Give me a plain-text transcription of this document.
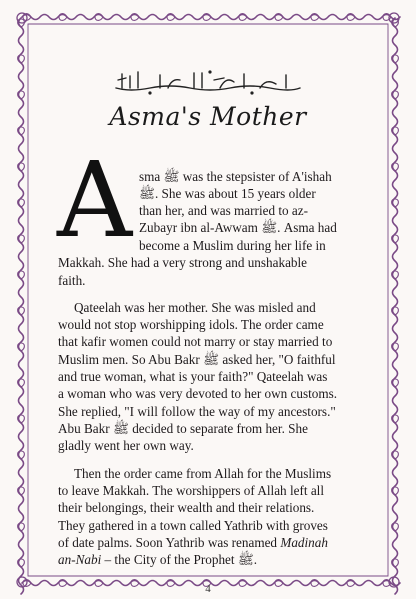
Asma's Mother
A sma ﷺ was the stepsister of A'ishah
ﷺ. She was about 15 years older
than her, and was married to az-
Zubayr ibn al-Awwam ﷺ. Asma had
become a Muslim during her life in
Makkah. She had a very strong and unshakable
faith.
Qateelah was her mother. She was misled and
would not stop worshipping idols. The order came
that kafir women could not marry or stay married to
Muslim men. So Abu Bakr ﷺ asked her, "O faithful
and true woman, what is your faith?" Qateelah was
a woman who was very devoted to her own customs.
She replied, "I will follow the way of my ancestors."
Abu Bakr ﷺ decided to separate from her. She
gladly went her own way.
Then the order came from Allah for the Muslims
to leave Makkah. The worshippers of Allah left all
their belongings, their wealth and their relations.
They gathered in a town called Yathrib with groves
of date palms. Soon Yathrib was renamed Madinah
an-Nabi – the City of the Prophet ﷺ.
4
